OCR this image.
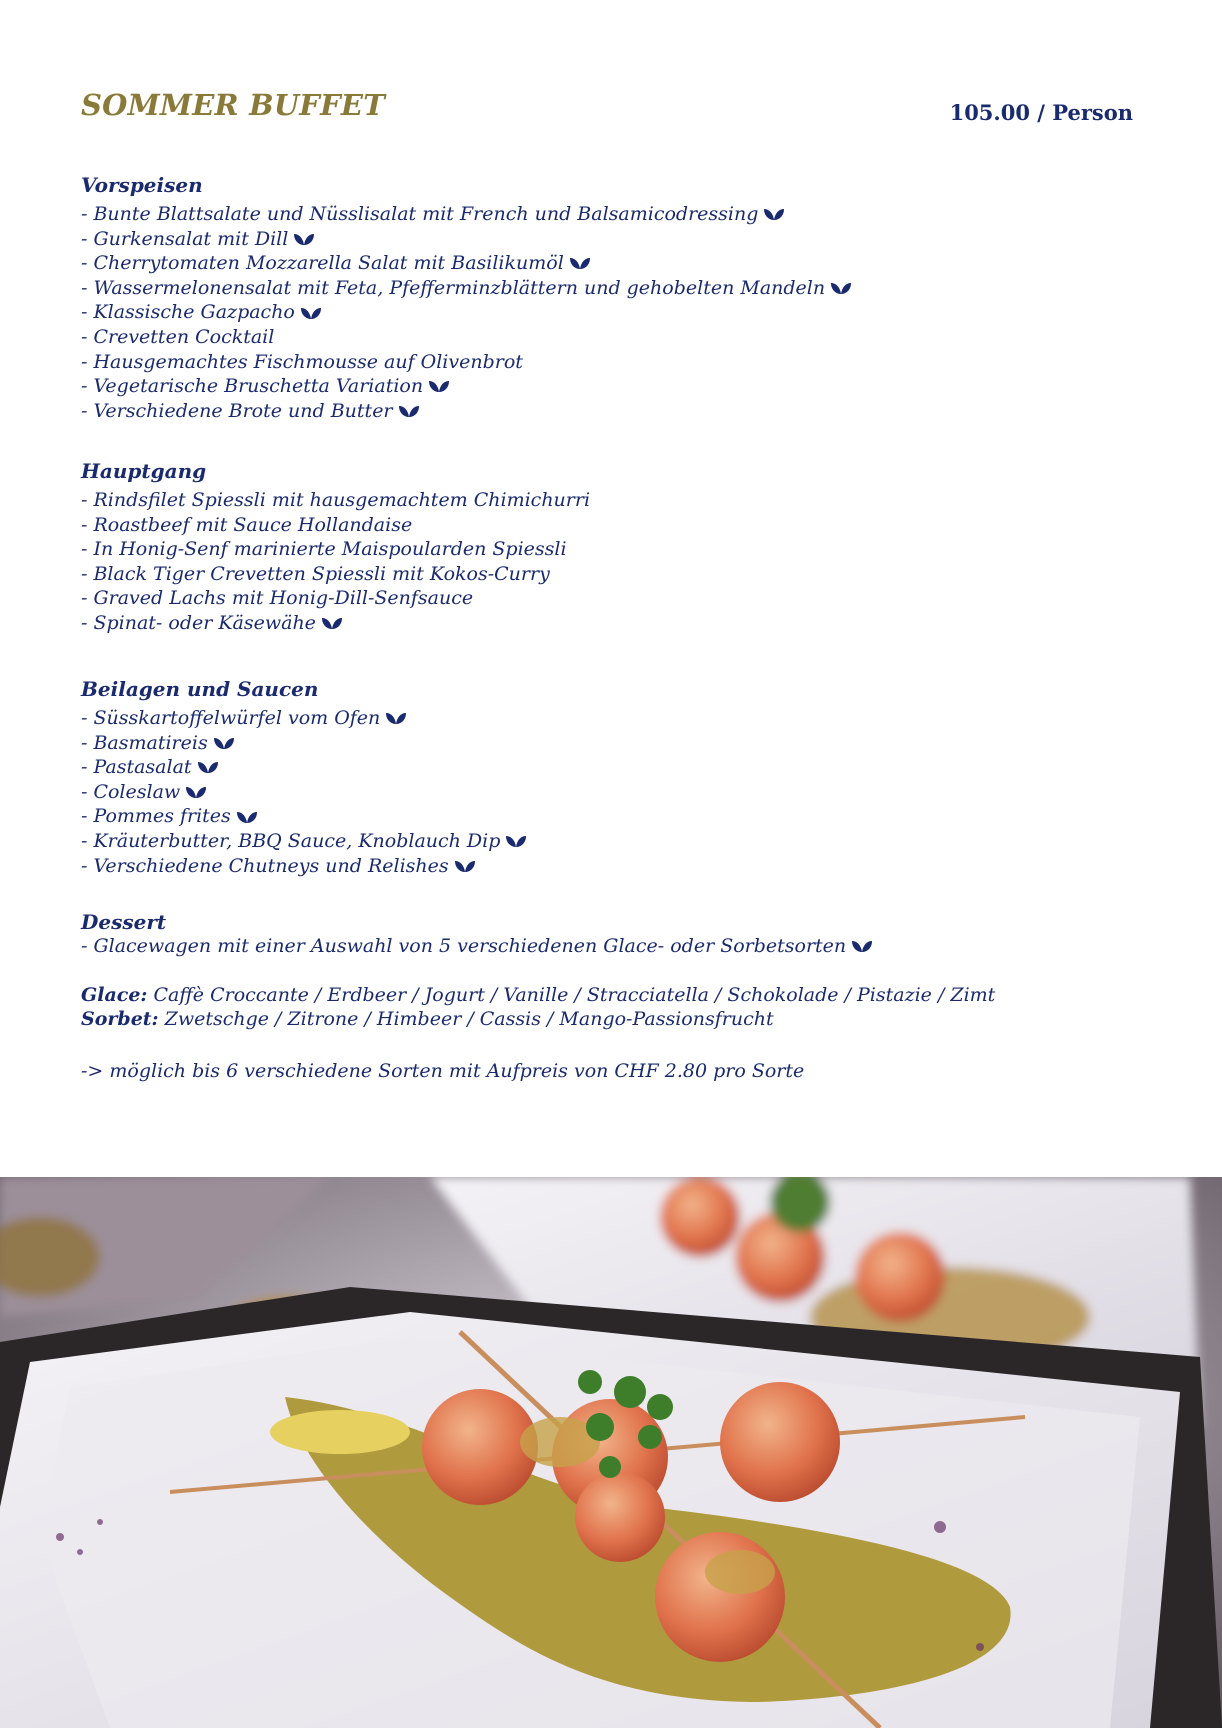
SOMMER BUFFET	105.00 / Person
Vorspeisen
- Bunte Blattsalate und Nüsslisalat mit French und Balsamicodressing
- Gurkensalat mit Dill
- Cherrytomaten Mozzarella Salat mit Basilikumöl
- Wassermelonensalat mit Feta, Pfefferminzblättern und gehobelten Mandeln
- Klassische Gazpacho
- Crevetten Cocktail
- Hausgemachtes Fischmousse auf Olivenbrot
- Vegetarische Bruschetta Variation
- Verschiedene Brote und Butter
Hauptgang
- Rindsfilet Spiessli mit hausgemachtem Chimichurri
- Roastbeef mit Sauce Hollandaise
- In Honig-Senf marinierte Maispoularden Spiessli
- Black Tiger Crevetten Spiessli mit Kokos-Curry
- Graved Lachs mit Honig-Dill-Senfsauce
- Spinat- oder Käsewähe
Beilagen und Saucen
- Süsskartoffelwürfel vom Ofen
- Basmatireis
- Pastasalat
- Coleslaw
- Pommes frites
- Kräuterbutter, BBQ Sauce, Knoblauch Dip
- Verschiedene Chutneys und Relishes
Dessert
- Glacewagen mit einer Auswahl von 5 verschiedenen Glace- oder Sorbetsorten
Glace: Caffè Croccante / Erdbeer / Jogurt / Vanille / Stracciatella / Schokolade / Pistazie / Zimt
Sorbet: Zwetschge / Zitrone / Himbeer / Cassis / Mango-Passionsfrucht
-> möglich bis 6 verschiedene Sorten mit Aufpreis von CHF 2.80 pro Sorte
